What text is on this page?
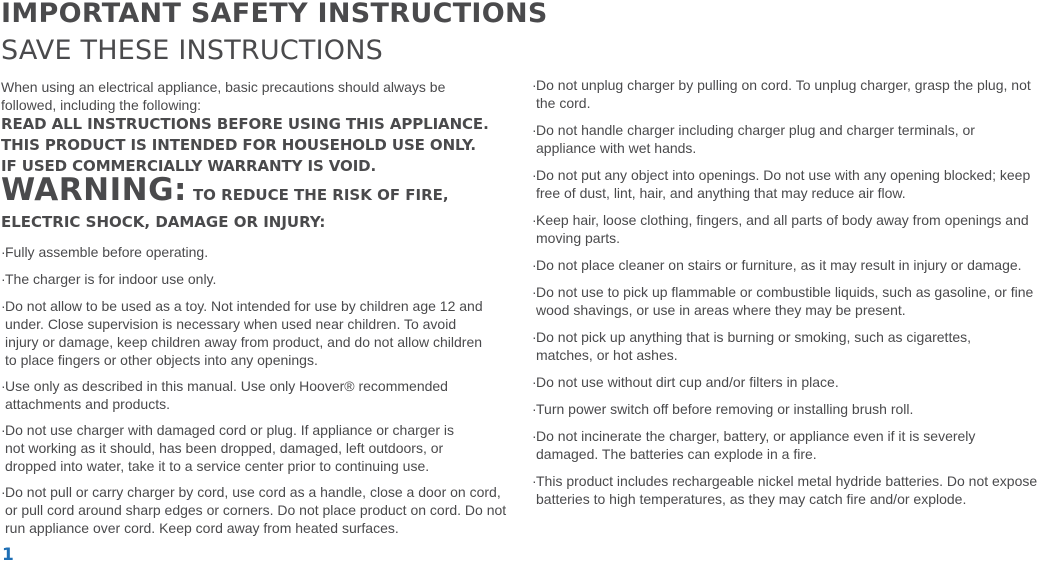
IMPORTANT SAFETY INSTRUCTIONS
SAVE THESE INSTRUCTIONS

When using an electrical appliance, basic precautions should always be followed, including the following:

READ ALL INSTRUCTIONS BEFORE USING THIS APPLIANCE.

THIS PRODUCT IS INTENDED FOR HOUSEHOLD USE ONLY.

IF USED COMMERCIALLY WARRANTY IS VOID.

WARNING: TO REDUCE THE RISK OF FIRE,

ELECTRIC SHOCK, DAMAGE OR INJURY:

· Fully assemble before operating.
· The charger is for indoor use only.
· Do not allow to be used as a toy. Not intended for use by children age 12 and under. Close supervision is necessary when used near children. To avoid injury or damage, keep children away from product, and do not allow children to place fingers or other objects into any openings.
· Use only as described in this manual. Use only Hoover® recommended attachments and products.
· Do not use charger with damaged cord or plug. If appliance or charger is not working as it should, has been dropped, damaged, left outdoors, or dropped into water, take it to a service center prior to continuing use.
· Do not pull or carry charger by cord, use cord as a handle, close a door on cord, or pull cord around sharp edges or corners. Do not place product on cord. Do not run appliance over cord. Keep cord away from heated surfaces.
· Do not unplug charger by pulling on cord. To unplug charger, grasp the plug, not the cord.
· Do not handle charger including charger plug and charger terminals, or appliance with wet hands.
· Do not put any object into openings. Do not use with any opening blocked; keep free of dust, lint, hair, and anything that may reduce air flow.
· Keep hair, loose clothing, fingers, and all parts of body away from openings and moving parts.
· Do not place cleaner on stairs or furniture, as it may result in injury or damage.
· Do not use to pick up flammable or combustible liquids, such as gasoline, or fine wood shavings, or use in areas where they may be present.
· Do not pick up anything that is burning or smoking, such as cigarettes, matches, or hot ashes.
· Do not use without dirt cup and/or filters in place.
· Turn power switch off before removing or installing brush roll.
· Do not incinerate the charger, battery, or appliance even if it is severely damaged. The batteries can explode in a fire.
· This product includes rechargeable nickel metal hydride batteries. Do not expose batteries to high temperatures, as they may catch fire and/or explode.
1
